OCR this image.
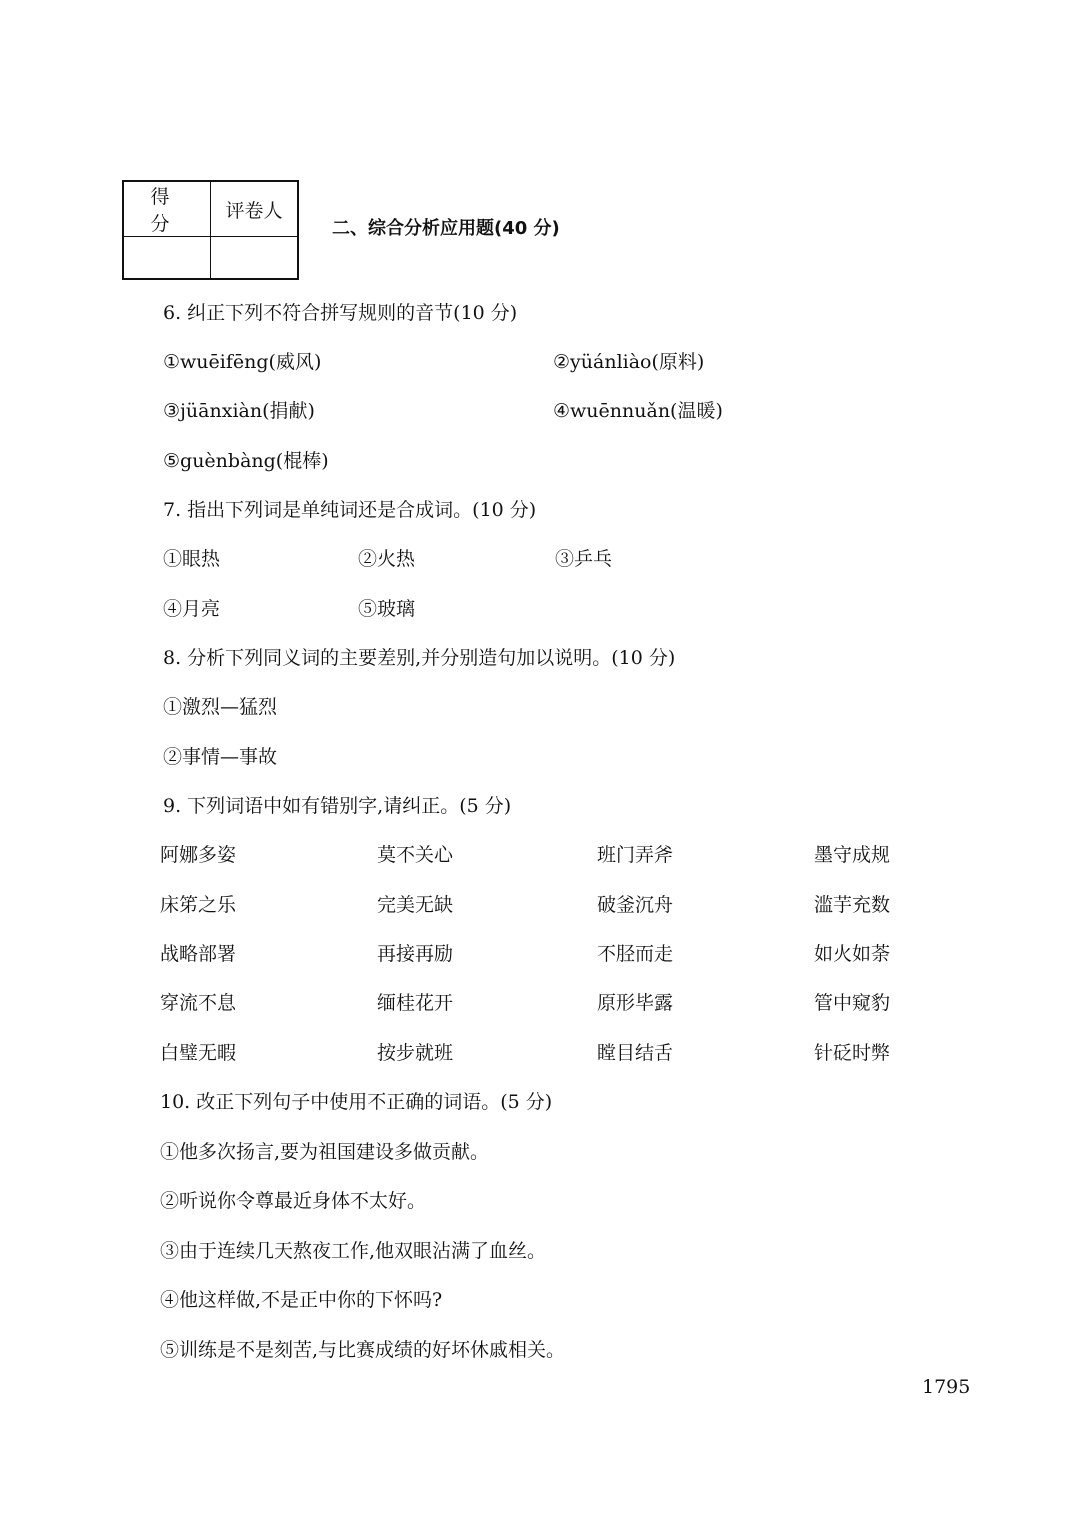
得 分	评卷人

二、综合分析应用题(40 分)
6. 纠正下列不符合拼写规则的音节(10 分)
①wuēifēng(威风)	②yüánliào(原料)
③jüānxiàn(捐献)	④wuēnnuǎn(温暖)
⑤guènbàng(棍棒)
7. 指出下列词是单纯词还是合成词。(10 分)
①眼热	②火热	③乒乓
④月亮	⑤玻璃
8. 分析下列同义词的主要差别,并分别造句加以说明。(10 分)
①激烈—猛烈
②事情—事故
9. 下列词语中如有错别字,请纠正。(5 分)
阿娜多姿	莫不关心	班门弄斧	墨守成规
床笫之乐	完美无缺	破釜沉舟	滥芋充数
战略部署	再接再励	不胫而走	如火如荼
穿流不息	缅桂花开	原形毕露	管中窥豹
白璧无暇	按步就班	瞠目结舌	针砭时弊
10. 改正下列句子中使用不正确的词语。(5 分)
①他多次扬言,要为祖国建设多做贡献。
②听说你令尊最近身体不太好。
③由于连续几天熬夜工作,他双眼沾满了血丝。
④他这样做,不是正中你的下怀吗?
⑤训练是不是刻苦,与比赛成绩的好坏休戚相关。
1795
